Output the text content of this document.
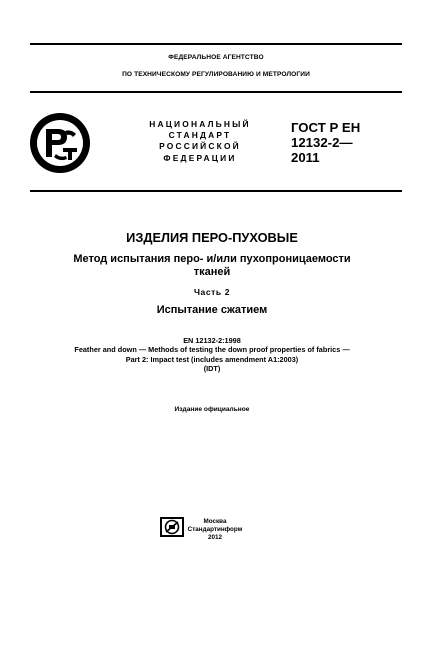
ФЕДЕРАЛЬНОЕ АГЕНТСТВО
ПО ТЕХНИЧЕСКОМУ РЕГУЛИРОВАНИЮ И МЕТРОЛОГИИ
НАЦИОНАЛЬНЫЙ
СТАНДАРТ
РОССИЙСКОЙ
ФЕДЕРАЦИИ
ГОСТ Р ЕН
12132-2—
2011
ИЗДЕЛИЯ ПЕРО-ПУХОВЫЕ
Метод испытания перо- и/или пухопроницаемости
тканей
Часть 2
Испытание сжатием
EN 12132-2:1998
Feather and down — Methods of testing the down proof properties of fabrics —
Part 2: Impact test (includes amendment A1:2003)
(IDT)
Издание официальное
Москва
Стандартинформ
2012
